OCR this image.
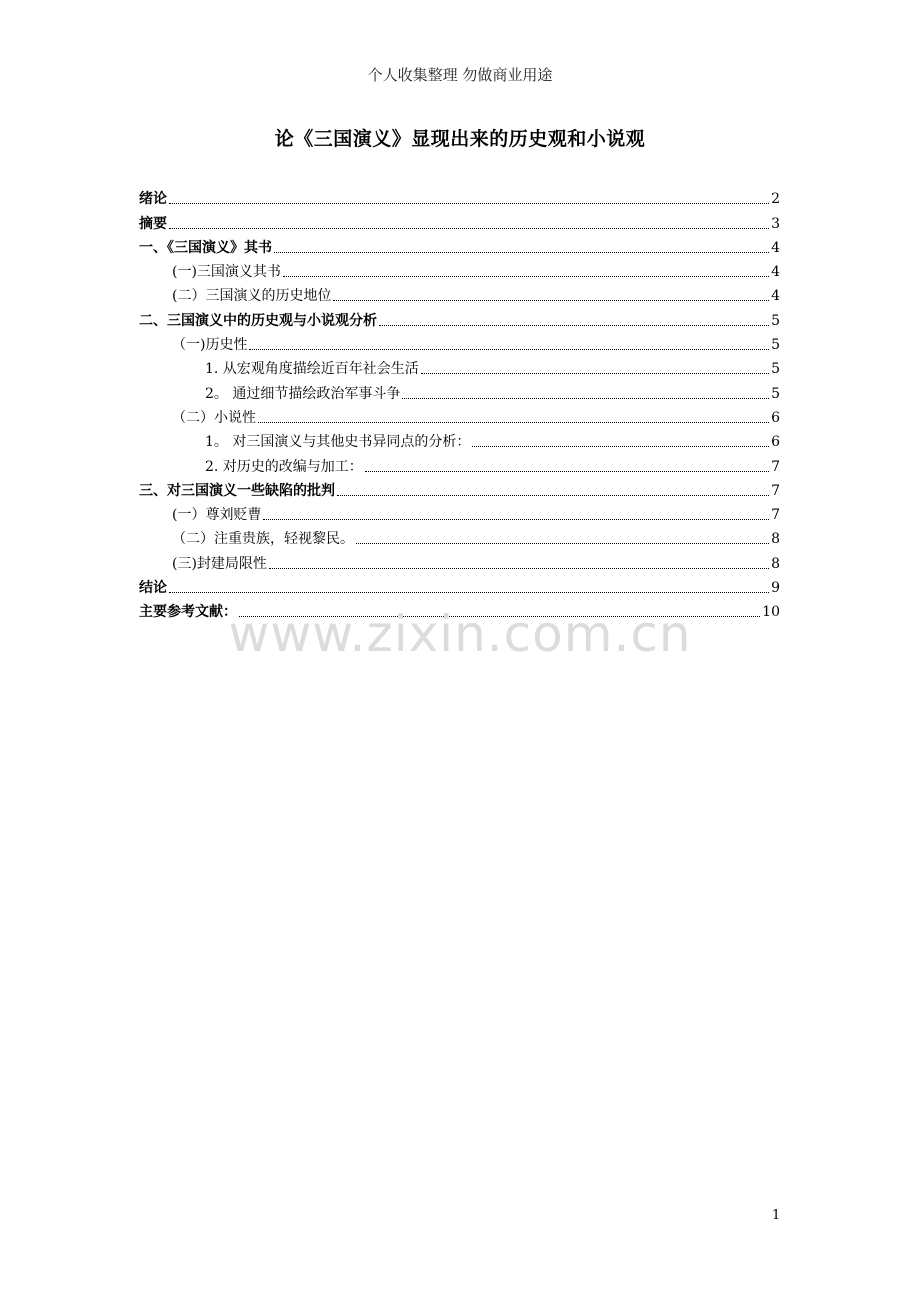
个人收集整理 勿做商业用途
论《三国演义》显现出来的历史观和小说观
绪论	2
摘要	3
一、《三国演义》其书	4
(一)三国演义其书	4
(二）三国演义的历史地位	4
二、三国演义中的历史观与小说观分析	5
（一)历史性	5
1. 从宏观角度描绘近百年社会生活	5
2。 通过细节描绘政治军事斗争	5
（二）小说性	6
1。 对三国演义与其他史书异同点的分析：	6
2. 对历史的改编与加工：	7
三、对三国演义一些缺陷的批判	7
(一）尊刘贬曹	7
（二）注重贵族，轻视黎民。	8
(三)封建局限性	8
结论	9
主要参考文献：	10
www.zixin.com.cn
1
